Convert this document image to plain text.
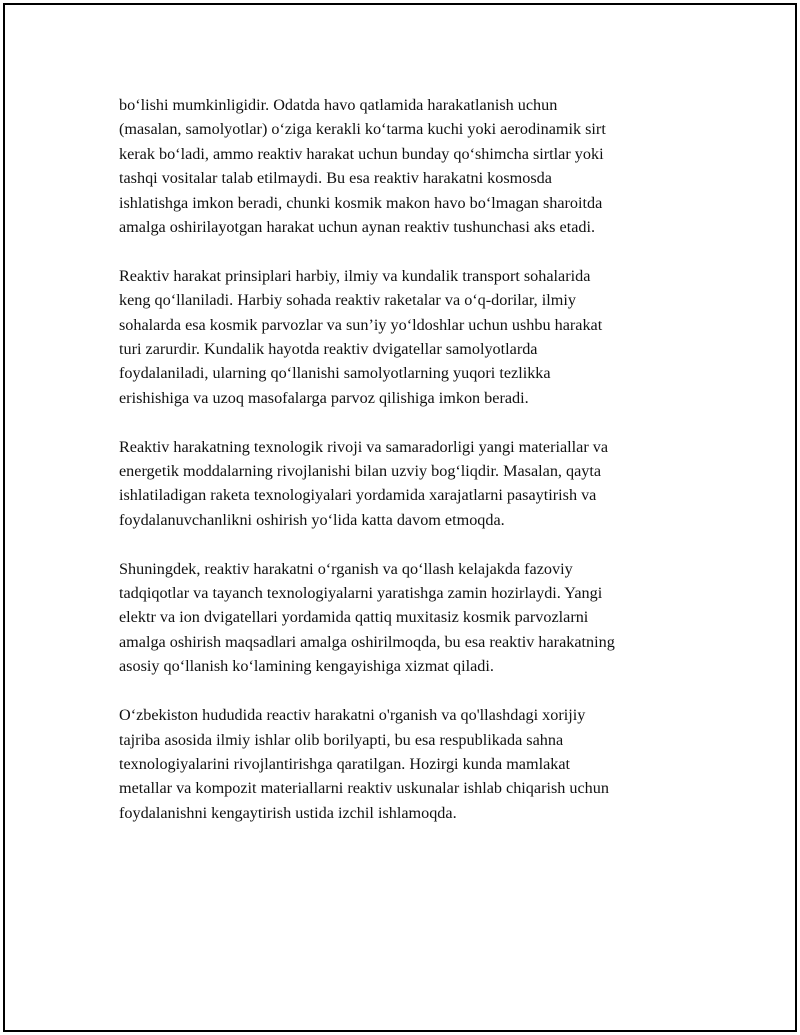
bo‘lishi mumkinligidir. Odatda havo qatlamida harakatlanish uchun
(masalan, samolyotlar) o‘ziga kerakli ko‘tarma kuchi yoki aerodinamik sirt
kerak bo‘ladi, ammo reaktiv harakat uchun bunday qo‘shimcha sirtlar yoki
tashqi vositalar talab etilmaydi. Bu esa reaktiv harakatni kosmosda
ishlatishga imkon beradi, chunki kosmik makon havo bo‘lmagan sharoitda
amalga oshirilayotgan harakat uchun aynan reaktiv tushunchasi aks etadi.

Reaktiv harakat prinsiplari harbiy, ilmiy va kundalik transport sohalarida
keng qo‘llaniladi. Harbiy sohada reaktiv raketalar va o‘q-dorilar, ilmiy
sohalarda esa kosmik parvozlar va sun’iy yo‘ldoshlar uchun ushbu harakat
turi zarurdir. Kundalik hayotda reaktiv dvigatellar samolyotlarda
foydalaniladi, ularning qo‘llanishi samolyotlarning yuqori tezlikka
erishishiga va uzoq masofalarga parvoz qilishiga imkon beradi.

Reaktiv harakatning texnologik rivoji va samaradorligi yangi materiallar va
energetik moddalarning rivojlanishi bilan uzviy bog‘liqdir. Masalan, qayta
ishlatiladigan raketa texnologiyalari yordamida xarajatlarni pasaytirish va
foydalanuvchanlikni oshirish yo‘lida katta davom etmoqda.

Shuningdek, reaktiv harakatni o‘rganish va qo‘llash kelajakda fazoviy
tadqiqotlar va tayanch texnologiyalarni yaratishga zamin hozirlaydi. Yangi
elektr va ion dvigatellari yordamida qattiq muxitasiz kosmik parvozlarni
amalga oshirish maqsadlari amalga oshirilmoqda, bu esa reaktiv harakatning
asosiy qo‘llanish ko‘lamining kengayishiga xizmat qiladi.

O‘zbekiston hududida reactiv harakatni o'rganish va qo'llashdagi xorijiy
tajriba asosida ilmiy ishlar olib borilyapti, bu esa respublikada sahna
texnologiyalarini rivojlantirishga qaratilgan. Hozirgi kunda mamlakat
metallar va kompozit materiallarni reaktiv uskunalar ishlab chiqarish uchun
foydalanishni kengaytirish ustida izchil ishlamoqda.
